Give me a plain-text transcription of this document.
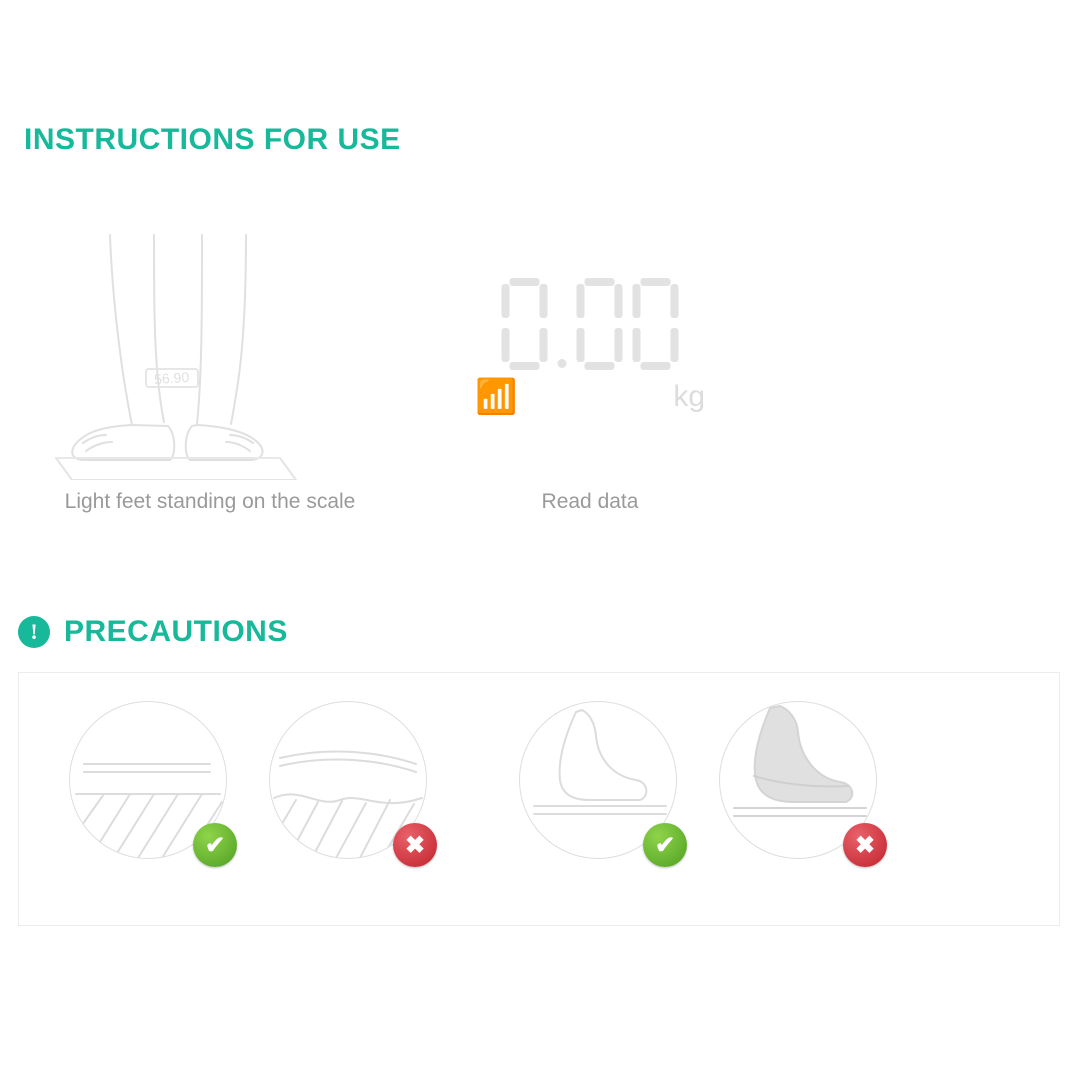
INSTRUCTIONS FOR USE
56.90
Light feet standing on the scale
📶	kg
Read data
! PRECAUTIONS
✔	✖	✔	✖
